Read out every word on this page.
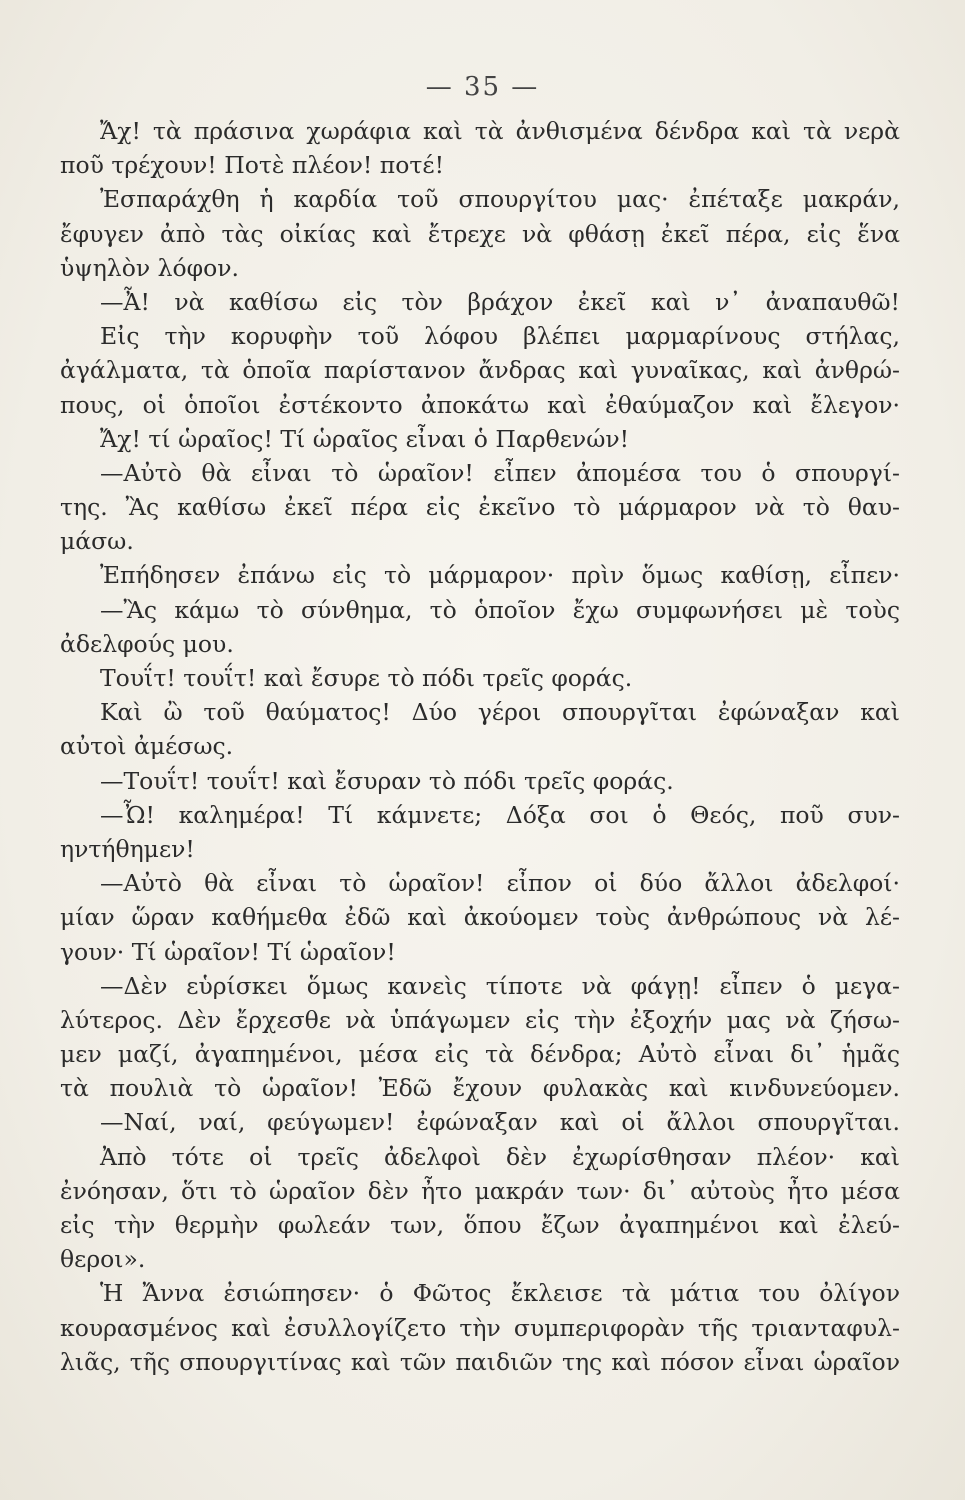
— 35 —
Ἄχ! τὰ πράσινα χωράφια καὶ τὰ ἀνθισμένα δένδρα καὶ τὰ νερὰ
ποῦ τρέχουν! Ποτὲ πλέον! ποτέ!
Ἐσπαράχθη ἡ καρδία τοῦ σπουργίτου μας· ἐπέταξε μακράν,
ἔφυγεν ἀπὸ τὰς οἰκίας καὶ ἔτρεχε νὰ φθάσῃ ἐκεῖ πέρα, εἰς ἕνα
ὑψηλὸν λόφον.
—Ἆ! νὰ καθίσω εἰς τὸν βράχον ἐκεῖ καὶ ν᾽ ἀναπαυθῶ!
Εἰς τὴν κορυφὴν τοῦ λόφου βλέπει μαρμαρίνους στήλας,
ἀγάλματα, τὰ ὁποῖα παρίστανον ἄνδρας καὶ γυναῖκας, καὶ ἀνθρώ-
πους, οἱ ὁποῖοι ἐστέκοντο ἀποκάτω καὶ ἐθαύμαζον καὶ ἔλεγον·
Ἄχ! τί ὡραῖος! Τί ὡραῖος εἶναι ὁ Παρθενών!
—Αὐτὸ θὰ εἶναι τὸ ὡραῖον! εἶπεν ἀπομέσα του ὁ σπουργί-
της. Ἂς καθίσω ἐκεῖ πέρα εἰς ἐκεῖνο τὸ μάρμαρον νὰ τὸ θαυ-
μάσω.
Ἐπήδησεν ἐπάνω εἰς τὸ μάρμαρον· πρὶν ὅμως καθίσῃ, εἶπεν·
—Ἂς κάμω τὸ σύνθημα, τὸ ὁποῖον ἔχω συμφωνήσει μὲ τοὺς
ἀδελφούς μου.
Τουΐτ! τουΐτ! καὶ ἔσυρε τὸ πόδι τρεῖς φοράς.
Καὶ ὢ τοῦ θαύματος! Δύο γέροι σπουργῖται ἐφώναξαν καὶ
αὐτοὶ ἀμέσως.
—Τουΐτ! τουΐτ! καὶ ἔσυραν τὸ πόδι τρεῖς φοράς.
—Ὦ! καλημέρα! Τί κάμνετε; Δόξα σοι ὁ Θεός, ποῦ συν-
ηντήθημεν!
—Αὐτὸ θὰ εἶναι τὸ ὡραῖον! εἶπον οἱ δύο ἄλλοι ἀδελφοί·
μίαν ὥραν καθήμεθα ἐδῶ καὶ ἀκούομεν τοὺς ἀνθρώπους νὰ λέ-
γουν· Τί ὡραῖον! Τί ὡραῖον!
—Δὲν εὑρίσκει ὅμως κανεὶς τίποτε νὰ φάγῃ! εἶπεν ὁ μεγα-
λύτερος. Δὲν ἔρχεσθε νὰ ὑπάγωμεν εἰς τὴν ἐξοχήν μας νὰ ζήσω-
μεν μαζί, ἀγαπημένοι, μέσα εἰς τὰ δένδρα; Αὐτὸ εἶναι δι᾽ ἡμᾶς
τὰ πουλιὰ τὸ ὡραῖον! Ἐδῶ ἔχουν φυλακὰς καὶ κινδυνεύομεν.
—Ναί, ναί, φεύγωμεν! ἐφώναξαν καὶ οἱ ἄλλοι σπουργῖται.
Ἀπὸ τότε οἱ τρεῖς ἀδελφοὶ δὲν ἐχωρίσθησαν πλέον· καὶ
ἐνόησαν, ὅτι τὸ ὡραῖον δὲν ἦτο μακράν των· δι᾽ αὐτοὺς ἦτο μέσα
εἰς τὴν θερμὴν φωλεάν των, ὅπου ἔζων ἀγαπημένοι καὶ ἐλεύ-
θεροι».
Ἡ Ἄννα ἐσιώπησεν· ὁ Φῶτος ἔκλεισε τὰ μάτια του ὀλίγον
κουρασμένος καὶ ἐσυλλογίζετο τὴν συμπεριφορὰν τῆς τριανταφυλ-
λιᾶς, τῆς σπουργιτίνας καὶ τῶν παιδιῶν της καὶ πόσον εἶναι ὡραῖον
